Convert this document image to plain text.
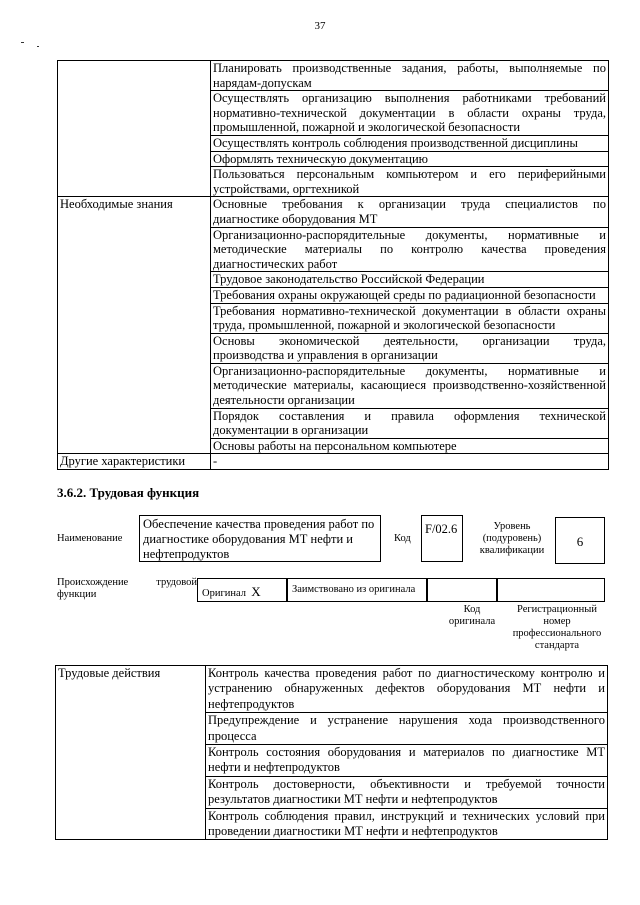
37
	Планировать производственные задания, работы, выполняемые по
нарядам-допускам

	Осуществлять организацию выполнения работниками требований нормативно-технической документации в области охраны труда,
промышленной, пожарной и экологической безопасности

	Осуществлять контроль соблюдения производственной дисциплины
	Оформлять техническую документацию
	Пользоваться персональным компьютером и его периферийными
устройствами, оргтехникой

Необходимые знания	Основные требования к организации труда специалистов по
диагностике оборудования МТ

	Организационно-распорядительные документы, нормативные и методические материалы по контролю качества проведения
диагностических работ

	Трудовое законодательство Российской Федерации
	Требования охраны окружающей среды по радиационной безопасности
	Требования нормативно-технической документации в области охраны
труда, промышленной, пожарной и экологической безопасности

	Основы экономической деятельности, организации труда,
производства и управления в организации

	Организационно-распорядительные документы, нормативные и методические материалы, касающиеся производственно-хозяйственной
деятельности организации

	Порядок составления и правила оформления технической
документации в организации

	Основы работы на персональном компьютере
Другие характеристики	-
3.6.2. Трудовая функция
Наименование
Обеспечение качества проведения работ по диагностике оборудования МТ нефти и нефтепродуктов
Код
F/02.6	Уровень (подуровень) квалификации
6
Происхождение трудовой функции	Оригинал X	Заимствовано из оригинала
Код оригинала
Регистрационный номер профессионального стандарта
Трудовые действия	Контроль качества проведения работ по диагностическому контролю и устранению обнаруженных дефектов оборудования МТ нефти и
нефтепродуктов

Предупреждение и устранение нарушения хода производственного
процесса

Контроль состояния оборудования и материалов по диагностике МТ
нефти и нефтепродуктов

Контроль достоверности, объективности и требуемой точности
результатов диагностики МТ нефти и нефтепродуктов

Контроль соблюдения правил, инструкций и технических условий при
проведении диагностики МТ нефти и нефтепродуктов
